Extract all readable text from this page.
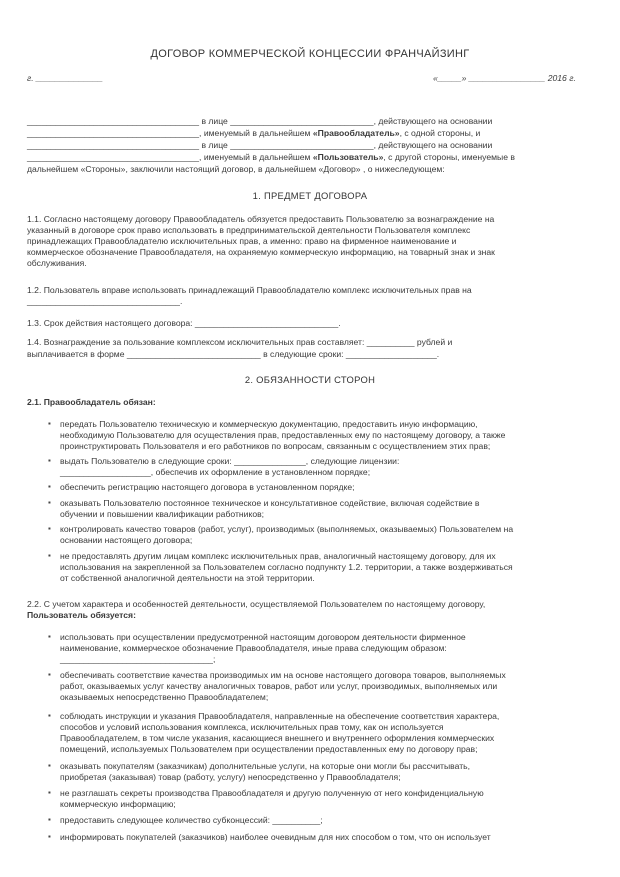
ДОГОВОР КОММЕРЧЕСКОЙ КОНЦЕССИИ ФРАНЧАЙЗИНГ
г. ______________	«_____» ________________ 2016 г.
____________________________________ в лице ______________________________, действующего на основании
____________________________________, именуемый в дальнейшем «Правообладатель», с одной стороны, и
____________________________________ в лице ______________________________, действующего на основании
____________________________________, именуемый в дальнейшем «Пользователь», с другой стороны, именуемые в
дальнейшем «Стороны», заключили настоящий договор, в дальнейшем «Договор» , о нижеследующем:
1. ПРЕДМЕТ ДОГОВОРА
1.1. Согласно настоящему договору Правообладатель обязуется предоставить Пользователю за вознаграждение на
указанный в договоре срок право использовать в предпринимательской деятельности Пользователя комплекс
принадлежащих Правообладателю исключительных прав, а именно: право на фирменное наименование и
коммерческое обозначение Правообладателя, на охраняемую коммерческую информацию, на товарный знак и знак
обслуживания.
1.2. Пользователь вправе использовать принадлежащий Правообладателю комплекс исключительных прав на
________________________________.
1.3. Срок действия настоящего договора: ______________________________.
1.4. Вознаграждение за пользование комплексом исключительных прав составляет: __________ рублей и
выплачивается в форме ____________________________ в следующие сроки: ___________________.
2. ОБЯЗАННОСТИ СТОРОН
2.1. Правообладатель обязан:
▪ передать Пользователю техническую и коммерческую документацию, предоставить иную информацию,
необходимую Пользователю для осуществления прав, предоставленных ему по настоящему договору, а также
проинструктировать Пользователя и его работников по вопросам, связанным с осуществлением этих прав;
▪ выдать Пользователю в следующие сроки: _______________, следующие лицензии:
___________________, обеспечив их оформление в установленном порядке;
▪ обеспечить регистрацию настоящего договора в установленном порядке;
▪ оказывать Пользователю постоянное техническое и консультативное содействие, включая содействие в
обучении и повышении квалификации работников;
▪ контролировать качество товаров (работ, услуг), производимых (выполняемых, оказываемых) Пользователем на
основании настоящего договора;
▪ не предоставлять другим лицам комплекс исключительных прав, аналогичный настоящему договору, для их
использования на закрепленной за Пользователем согласно подпункту 1.2. территории, а также воздерживаться
от собственной аналогичной деятельности на этой территории.
2.2. С учетом характера и особенностей деятельности, осуществляемой Пользователем по настоящему договору,
Пользователь обязуется:
▪ использовать при осуществлении предусмотренной настоящим договором деятельности фирменное
наименование, коммерческое обозначение Правообладателя, иные права следующим образом:
________________________________;
▪ обеспечивать соответствие качества производимых им на основе настоящего договора товаров, выполняемых
работ, оказываемых услуг качеству аналогичных товаров, работ или услуг, производимых, выполняемых или
оказываемых непосредственно Правообладателем;
▪ соблюдать инструкции и указания Правообладателя, направленные на обеспечение соответствия характера,
способов и условий использования комплекса, исключительных прав тому, как он используется
Правообладателем, в том числе указания, касающиеся внешнего и внутреннего оформления коммерческих
помещений, используемых Пользователем при осуществлении предоставленных ему по договору прав;
▪ оказывать покупателям (заказчикам) дополнительные услуги, на которые они могли бы рассчитывать,
приобретая (заказывая) товар (работу, услугу) непосредственно у Правообладателя;
▪ не разглашать секреты производства Правообладателя и другую полученную от него конфиденциальную
коммерческую информацию;
▪ предоставить следующее количество субконцессий: __________;
▪ информировать покупателей (заказчиков) наиболее очевидным для них способом о том, что он использует
